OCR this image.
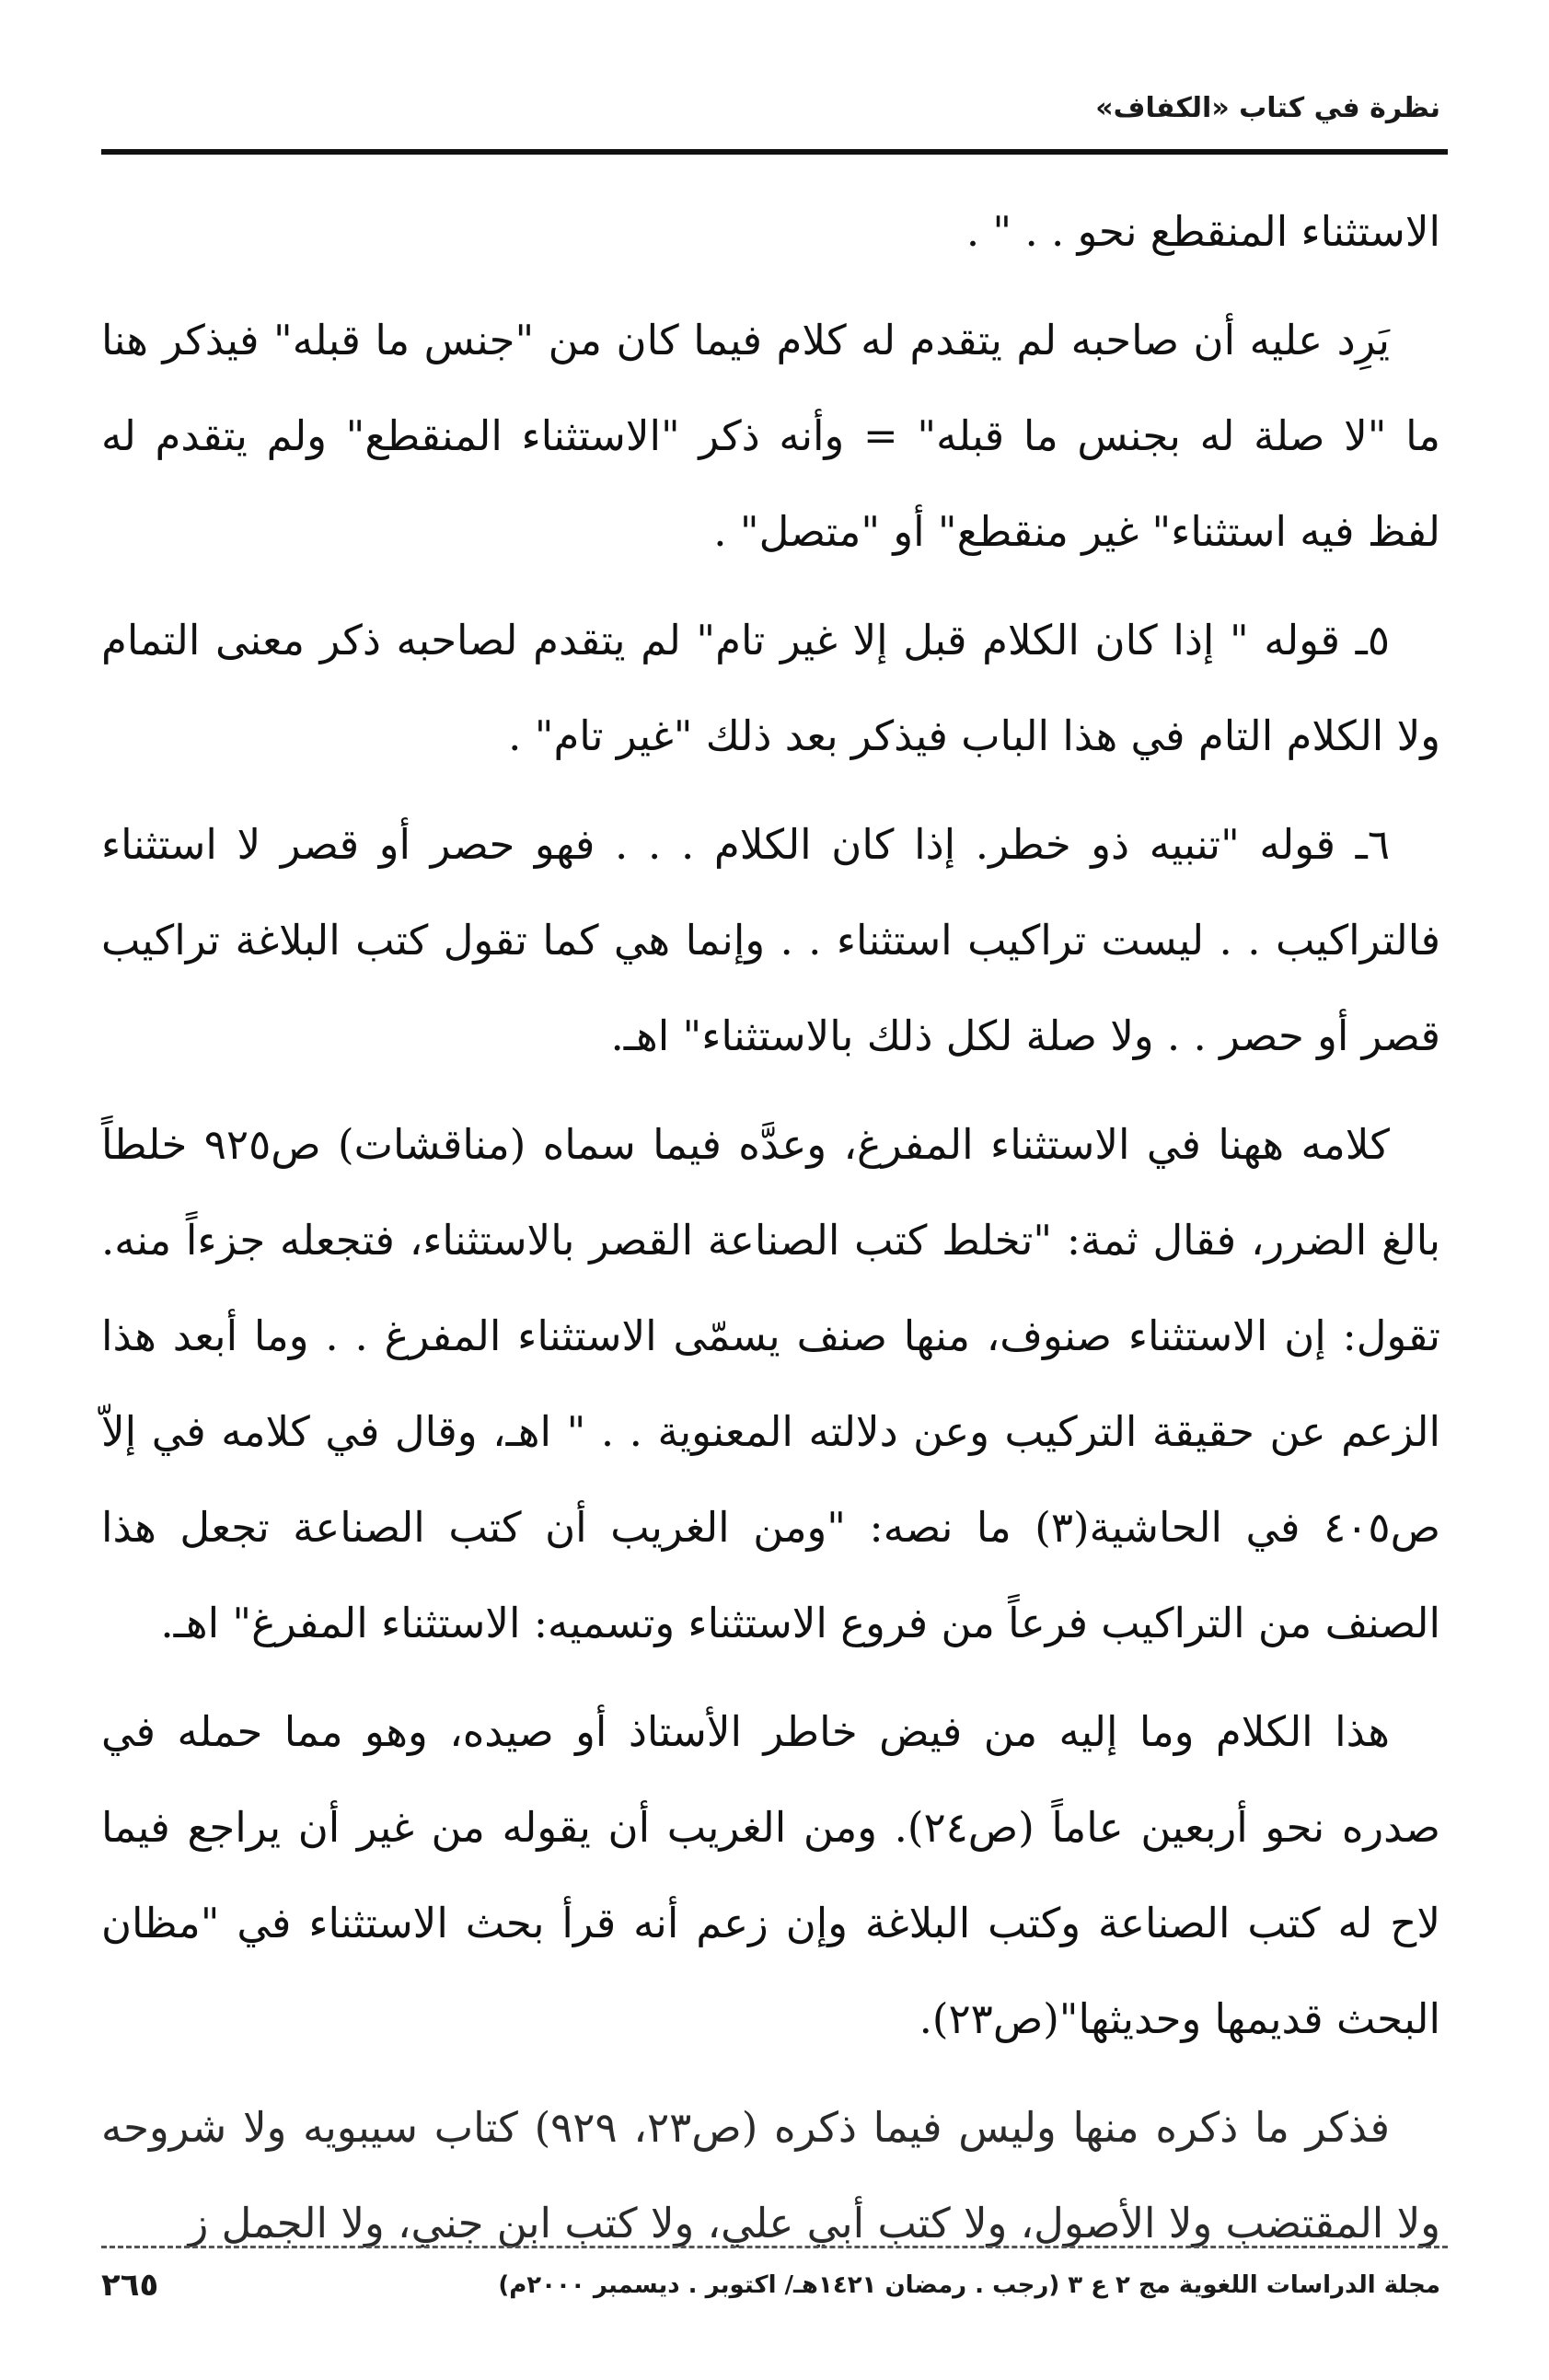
نظرة في كتاب «الكفاف»

الاستثناء المنقطع نحو . . " .

يَرِد عليه أن صاحبه لم يتقدم له كلام فيما كان من "جنس ما قبله" فيذكر هنا ما "لا صلة له بجنس ما قبله" = وأنه ذكر "الاستثناء المنقطع" ولم يتقدم له لفظ فيه استثناء" غير منقطع" أو "متصل" .

٥ـ قوله " إذا كان الكلام قبل إلا غير تام" لم يتقدم لصاحبه ذكر معنى التمام ولا الكلام التام في هذا الباب فيذكر بعد ذلك "غير تام" .

٦ـ قوله "تنبيه ذو خطر. إذا كان الكلام . . . فهو حصر أو قصر لا استثناء فالتراكيب . . ليست تراكيب استثناء . . وإنما هي كما تقول كتب البلاغة تراكيب قصر أو حصر . . ولا صلة لكل ذلك بالاستثناء" اهـ.

كلامه ههنا في الاستثناء المفرغ، وعدَّه فيما سماه (مناقشات) ص٩٢٥ خلطاً بالغ الضرر، فقال ثمة: "تخلط كتب الصناعة القصر بالاستثناء، فتجعله جزءاً منه. تقول: إن الاستثناء صنوف، منها صنف يسمّى الاستثناء المفرغ . . وما أبعد هذا الزعم عن حقيقة التركيب وعن دلالته المعنوية . . " اهـ، وقال في كلامه في إلاّ ص٤٠٥ في الحاشية(٣) ما نصه: "ومن الغريب أن كتب الصناعة تجعل هذا الصنف من التراكيب فرعاً من فروع الاستثناء وتسميه: الاستثناء المفرغ" اهـ.

هذا الكلام وما إليه من فيض خاطر الأستاذ أو صيده، وهو مما حمله في صدره نحو أربعين عاماً (ص٢٤). ومن الغريب أن يقوله من غير أن يراجع فيما لاح له كتب الصناعة وكتب البلاغة وإن زعم أنه قرأ بحث الاستثناء في "مظان البحث قديمها وحديثها"(ص٢٣).

فذكر ما ذكره منها وليس فيما ذكره (ص٢٣، ٩٢٩) كتاب سيبويه ولا شروحه ولا المقتضب ولا الأصول، ولا كتب أبي علي، ولا كتب ابن جني، ولا الجمل ز

مجلة الدراسات اللغوية مج ٢ ع ٣ (رجب . رمضان ١٤٢١هـ/ اكتوبر . ديسمبر ٢٠٠٠م)
٢٦٥
